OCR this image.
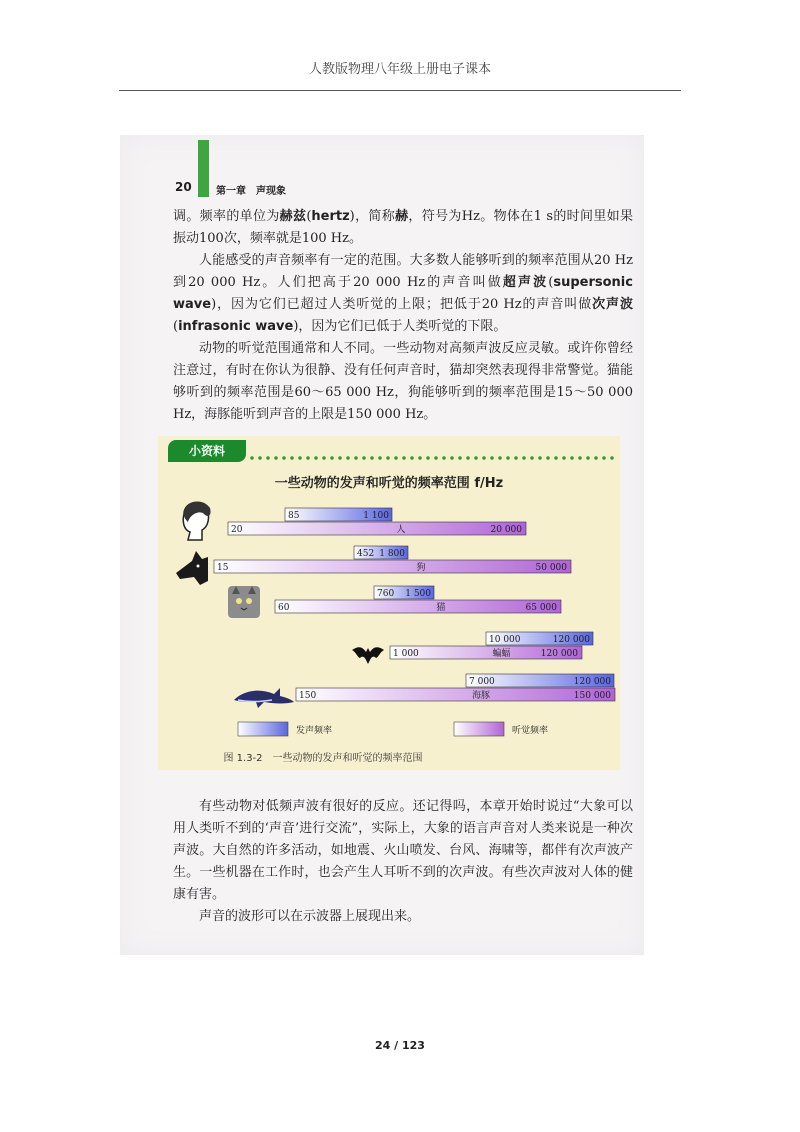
人教版物理八年级上册电子课本
20 第一章　声现象
调。频率的单位为赫兹(hertz)，简称赫，符号为Hz。物体在1 s的时间里如果振动100次，频率就是100 Hz。
人能感受的声音频率有一定的范围。大多数人能够听到的频率范围从20 Hz到20 000 Hz。人们把高于20 000 Hz的声音叫做超声波(supersonic wave)，因为它们已超过人类听觉的上限；把低于20 Hz的声音叫做次声波(infrasonic wave)，因为它们已低于人类听觉的下限。
动物的听觉范围通常和人不同。一些动物对高频声波反应灵敏。或许你曾经注意过，有时在你认为很静、没有任何声音时，猫却突然表现得非常警觉。猫能够听到的频率范围是60～65 000 Hz，狗能够听到的频率范围是15～50 000 Hz，海豚能听到声音的上限是150 000 Hz。
小资料
一些动物的发声和听觉的频率范围 f/Hz
85	1 100
20	20 000
人
452 1 800
15	50 000
狗
760 1 500
60	65 000
猫
10 000	120 000
1 000	120 000
蝙蝠
7 000	120 000
150	150 000
海豚
发声频率	听觉频率
图 1.3-2　一些动物的发声和听觉的频率范围
有些动物对低频声波有很好的反应。还记得吗，本章开始时说过“大象可以用人类听不到的‘声音’进行交流”，实际上，大象的语言声音对人类来说是一种次声波。大自然的许多活动，如地震、火山喷发、台风、海啸等，都伴有次声波产生。一些机器在工作时，也会产生人耳听不到的次声波。有些次声波对人体的健康有害。
声音的波形可以在示波器上展现出来。
24 / 123
